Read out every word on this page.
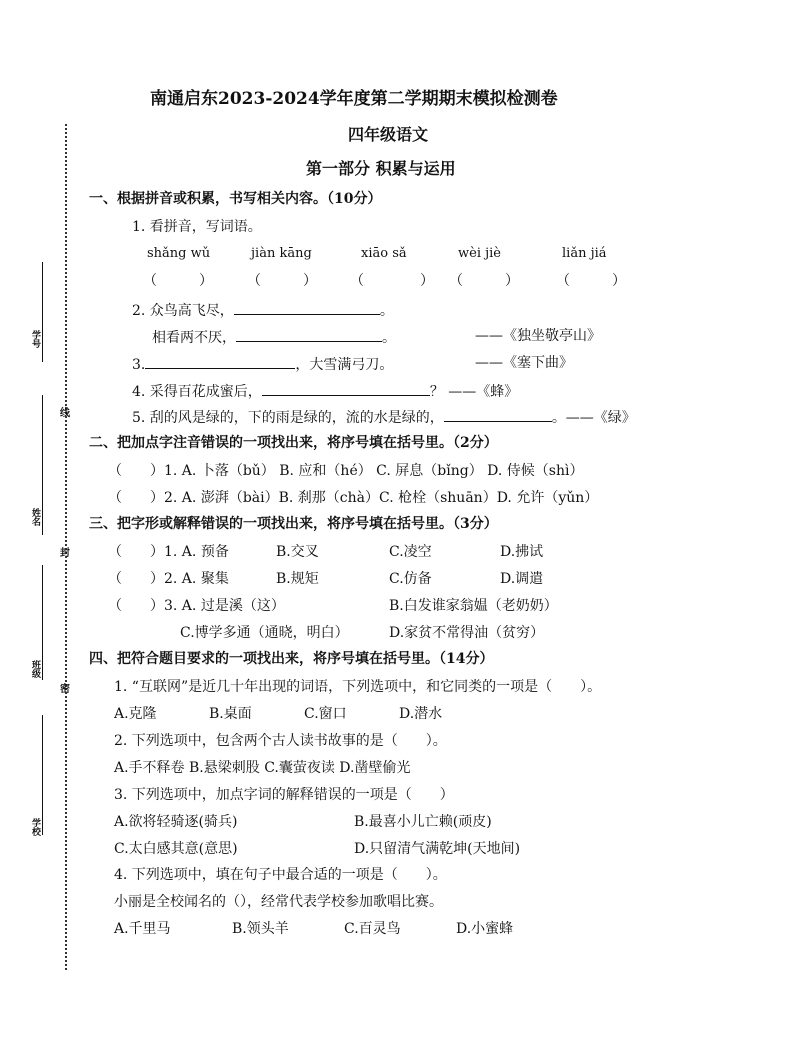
南通启东2023-2024学年度第二学期期末模拟检测卷
四年级语文
第一部分 积累与运用
学号
姓名
班级
学校
线
封
密
一、根据拼音或积累，书写相关内容。（10分）
1. 看拼音，写词语。
shǎng wǔ	jiàn kāng	xiāo sǎ	wèi jiè	liǎn jiá
（　　　） （　　　） （　　　　） （　　　）	（　　　）
2. 众鸟高飞尽，	。
相看两不厌，	。	——《独坐敬亭山》
3.	，大雪满弓刀。	——《塞下曲》
4. 采得百花成蜜后，	？ ——《蜂》
5. 刮的风是绿的，下的雨是绿的，流的水是绿的，	。——《绿》
二、把加点字注音错误的一项找出来，将序号填在括号里。（2分）
（　　）1. A. 卜落（bǔ） B. 应和（hé） C. 屏息（bǐng） D. 侍候（shì）
（　　）2. A. 澎湃（bài）B. 刹那（chà）C. 枪栓（shuān）D. 允许（yǔn）
三、把字形或解释错误的一项找出来，将序号填在括号里。（3分）
（　　）1. A. 预备	B.交叉	C.凌空	D.拂试
（　　）2. A. 聚集	B.规矩	C.仿备	D.调遣
（　　）3. A. 过是溪（这）	B.白发谁家翁媪（老奶奶）
C.博学多通（通晓，明白）	D.家贫不常得油（贫穷）
四、把符合题目要求的一项找出来，将序号填在括号里。（14分）
1. “互联网”是近几十年出现的词语，下列选项中，和它同类的一项是（　　）。
A.克隆	B.桌面	C.窗口	D.潜水
2. 下列选项中，包含两个古人读书故事的是（　　）。
A.手不释卷 B.悬梁刺股 C.囊萤夜读 D.凿壁偷光
3. 下列选项中，加点字词的解释错误的一项是（　　）
A.欲将轻骑逐(骑兵)	B.最喜小儿亡赖(顽皮)
C.太白感其意(意思)	D.只留清气满乾坤(天地间)
4. 下列选项中，填在句子中最合适的一项是（　　）。
小丽是全校闻名的（），经常代表学校参加歌唱比赛。
A.千里马	B.领头羊	C.百灵鸟	D.小蜜蜂
